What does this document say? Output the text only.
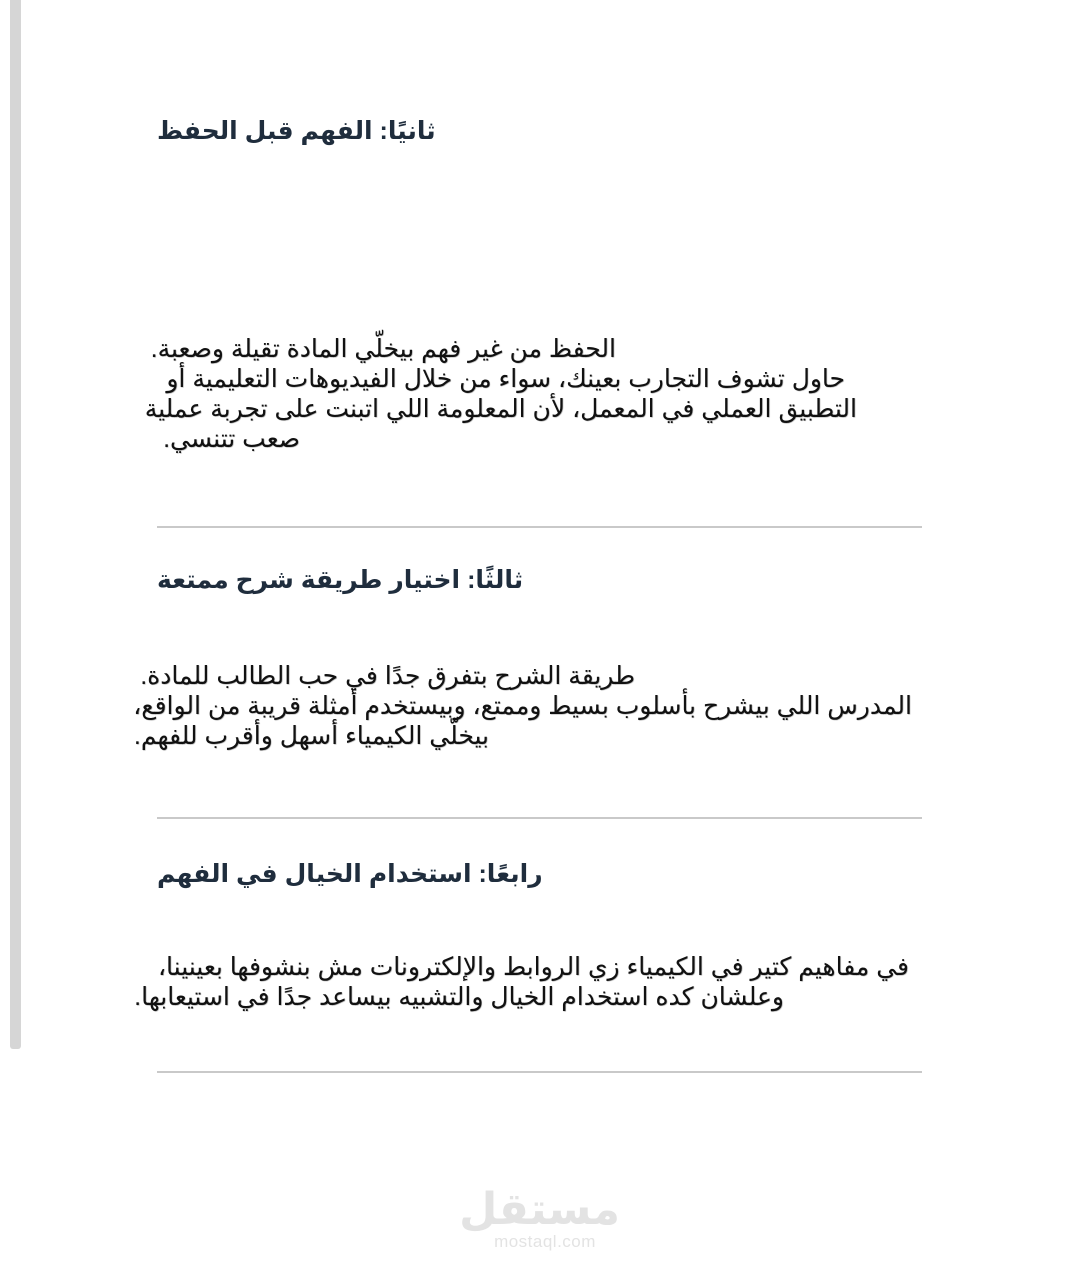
ثانيًا: الفهم قبل الحفظ
الحفظ من غير فهم بيخلّي المادة تقيلة وصعبة.
حاول تشوف التجارب بعينك، سواء من خلال الفيديوهات التعليمية أو
التطبيق العملي في المعمل، لأن المعلومة اللي اتبنت على تجربة عملية
صعب تتنسي.
ثالثًا: اختيار طريقة شرح ممتعة
طريقة الشرح بتفرق جدًا في حب الطالب للمادة.
المدرس اللي بيشرح بأسلوب بسيط وممتع، وبيستخدم أمثلة قريبة من الواقع،
بيخلّي الكيمياء أسهل وأقرب للفهم.
رابعًا: استخدام الخيال في الفهم
في مفاهيم كتير في الكيمياء زي الروابط والإلكترونات مش بنشوفها بعينينا،
وعلشان كده استخدام الخيال والتشبيه بيساعد جدًا في استيعابها.
مستقل
mostaql.com
